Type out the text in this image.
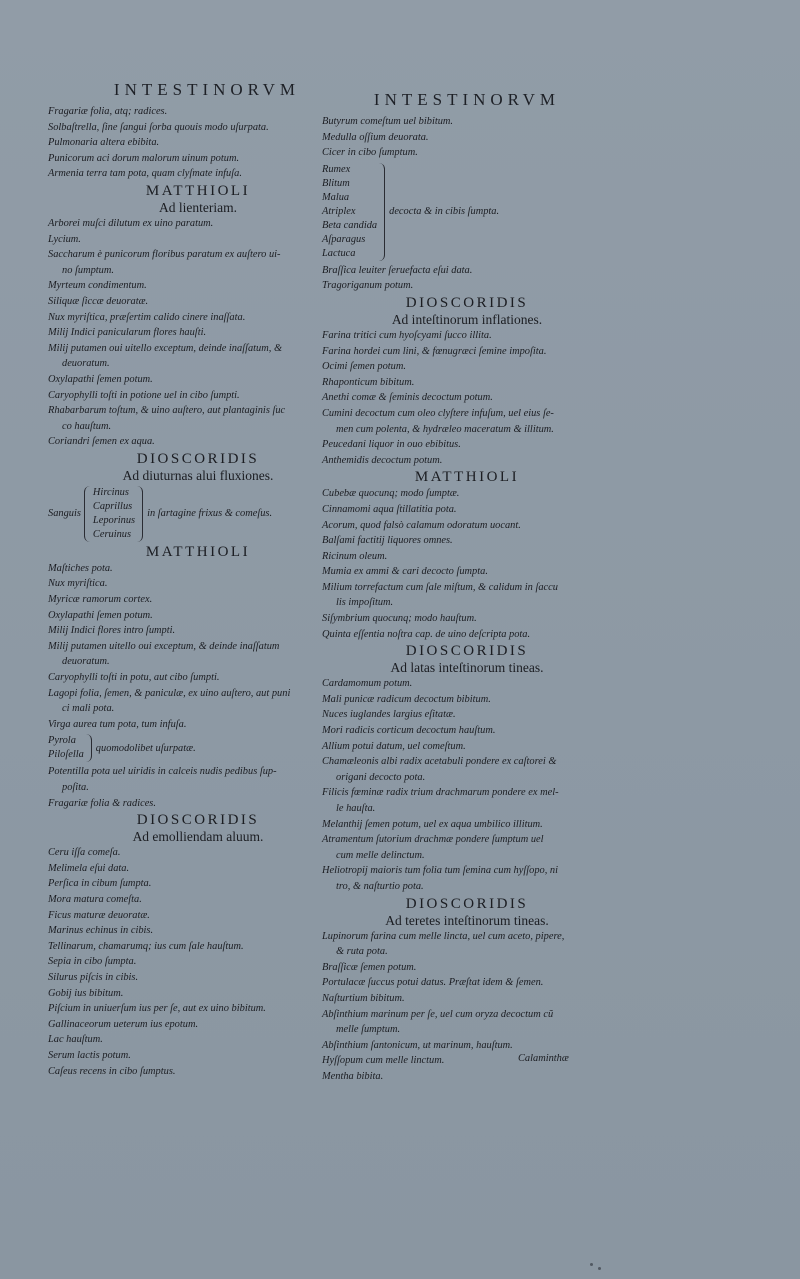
INTESTINORVM
Fragariæ folia, atq; radices.
Solbaſtrella, ſine ſangui ſorba quouis modo uſurpata.
Pulmonaria altera ebibita.
Punicorum aci dorum malorum uinum potum.
Armenia terra tam pota, quam clyſmate infuſa.
MATTHIOLI
Ad lienteriam.
Arborei muſci dilutum ex uino paratum.
Lycium.
Saccharum è punicorum floribus paratum ex auſtero ui-
no ſumptum.
Myrteum condimentum.
Siliquæ ſiccæ deuoratæ.
Nux myriſtica, præſertim calido cinere inaſſata.
Milij Indici panicularum flores hauſti.
Milij putamen oui uitello exceptum, deinde inaſſatum, &
deuoratum.
Oxylapathi ſemen potum.
Caryophylli toſti in potione uel in cibo ſumpti.
Rhabarbarum toſtum, & uino auſtero, aut plantaginis ſuc
co hauſtum.
Coriandri ſemen ex aqua.
DIOSCORIDIS
Ad diuturnas alui fluxiones.
Sanguis
Hircinus
Caprillus
Leporinus
Ceruinus
in ſartagine frixus & comeſus.
MATTHIOLI
Maſtiches pota.
Nux myriſtica.
Myricæ ramorum cortex.
Oxylapathi ſemen potum.
Milij Indici flores intro ſumpti.
Milij putamen uitello oui exceptum, & deinde inaſſatum
deuoratum.
Caryophylli toſti in potu, aut cibo ſumpti.
Lagopi folia, ſemen, & paniculæ, ex uino auſtero, aut puni
ci mali pota.
Virga aurea tum pota, tum infuſa.
Pyrola
Piloſella
quomodolibet uſurpatæ.
Potentilla pota uel uiridis in calceis nudis pedibus ſup-
poſita.
Fragariæ folia & radices.
DIOSCORIDIS
Ad emolliendam aluum.
Ceru iſſa comeſa.
Melimela eſui data.
Perſica in cibum ſumpta.
Mora matura comeſta.
Ficus maturæ deuoratæ.
Marinus echinus in cibis.
Tellinarum, chamarumq; ius cum ſale hauſtum.
Sepia in cibo ſumpta.
Silurus piſcis in cibis.
Gobij ius bibitum.
Piſcium in uniuerſum ius per ſe, aut ex uino bibitum.
Gallinaceorum ueterum ius epotum.
Lac hauſtum.
Serum lactis potum.
Caſeus recens in cibo ſumptus.
INTESTINORVM
Butyrum comeſtum uel bibitum.
Medulla oſſium deuorata.
Cicer in cibo ſumptum.
Rumex
Blitum
Malua
Atriplex
Beta candida
Aſparagus
Lactuca
decocta & in cibis ſumpta.
Braſſica leuiter ſeruefacta eſui data.
Tragoriganum potum.
DIOSCORIDIS
Ad inteſtinorum inflationes.
Farina tritici cum hyoſcyami ſucco illita.
Farina hordei cum lini, & fœnugræci ſemine impoſita.
Ocimi ſemen potum.
Rhaponticum bibitum.
Anethi comæ & ſeminis decoctum potum.
Cumini decoctum cum oleo clyſtere infuſum, uel eius ſe-
men cum polenta, & hydræleo maceratum & illitum.
Peucedani liquor in ouo ebibitus.
Anthemidis decoctum potum.
MATTHIOLI
Cubebæ quocunq; modo ſumptæ.
Cinnamomi aqua ſtillatitia pota.
Acorum, quod falsò calamum odoratum uocant.
Balſami factitij liquores omnes.
Ricinum oleum.
Mumia ex ammi & cari decocto ſumpta.
Milium torrefactum cum ſale miſtum, & calidum in ſaccu
lis impoſitum.
Siſymbrium quocunq; modo hauſtum.
Quinta eſſentia noſtra cap. de uino deſcripta pota.
DIOSCORIDIS
Ad latas inteſtinorum tineas.
Cardamomum potum.
Mali punicæ radicum decoctum bibitum.
Nuces iuglandes largius eſitatæ.
Mori radicis corticum decoctum hauſtum.
Allium potui datum, uel comeſtum.
Chamæleonis albi radix acetabuli pondere ex caſtorei &
origani decocto pota.
Filicis fœminæ radix trium drachmarum pondere ex mel-
le hauſta.
Melanthij ſemen potum, uel ex aqua umbilico illitum.
Atramentum ſutorium drachmæ pondere ſumptum uel
cum melle delinctum.
Heliotropij maioris tum folia tum ſemina cum hyſſopo, ni
tro, & naſturtio pota.
DIOSCORIDIS
Ad teretes inteſtinorum tineas.
Lupinorum farina cum melle lincta, uel cum aceto, pipere,
& ruta pota.
Braſſicæ ſemen potum.
Portulacæ ſuccus potui datus. Præſtat idem & ſemen.
Naſturtium bibitum.
Abſinthium marinum per ſe, uel cum oryza decoctum cũ
melle ſumptum.
Abſinthium ſantonicum, ut marinum, hauſtum.
Hyſſopum cum melle linctum.
Mentha bibita.
Calaminthæ
